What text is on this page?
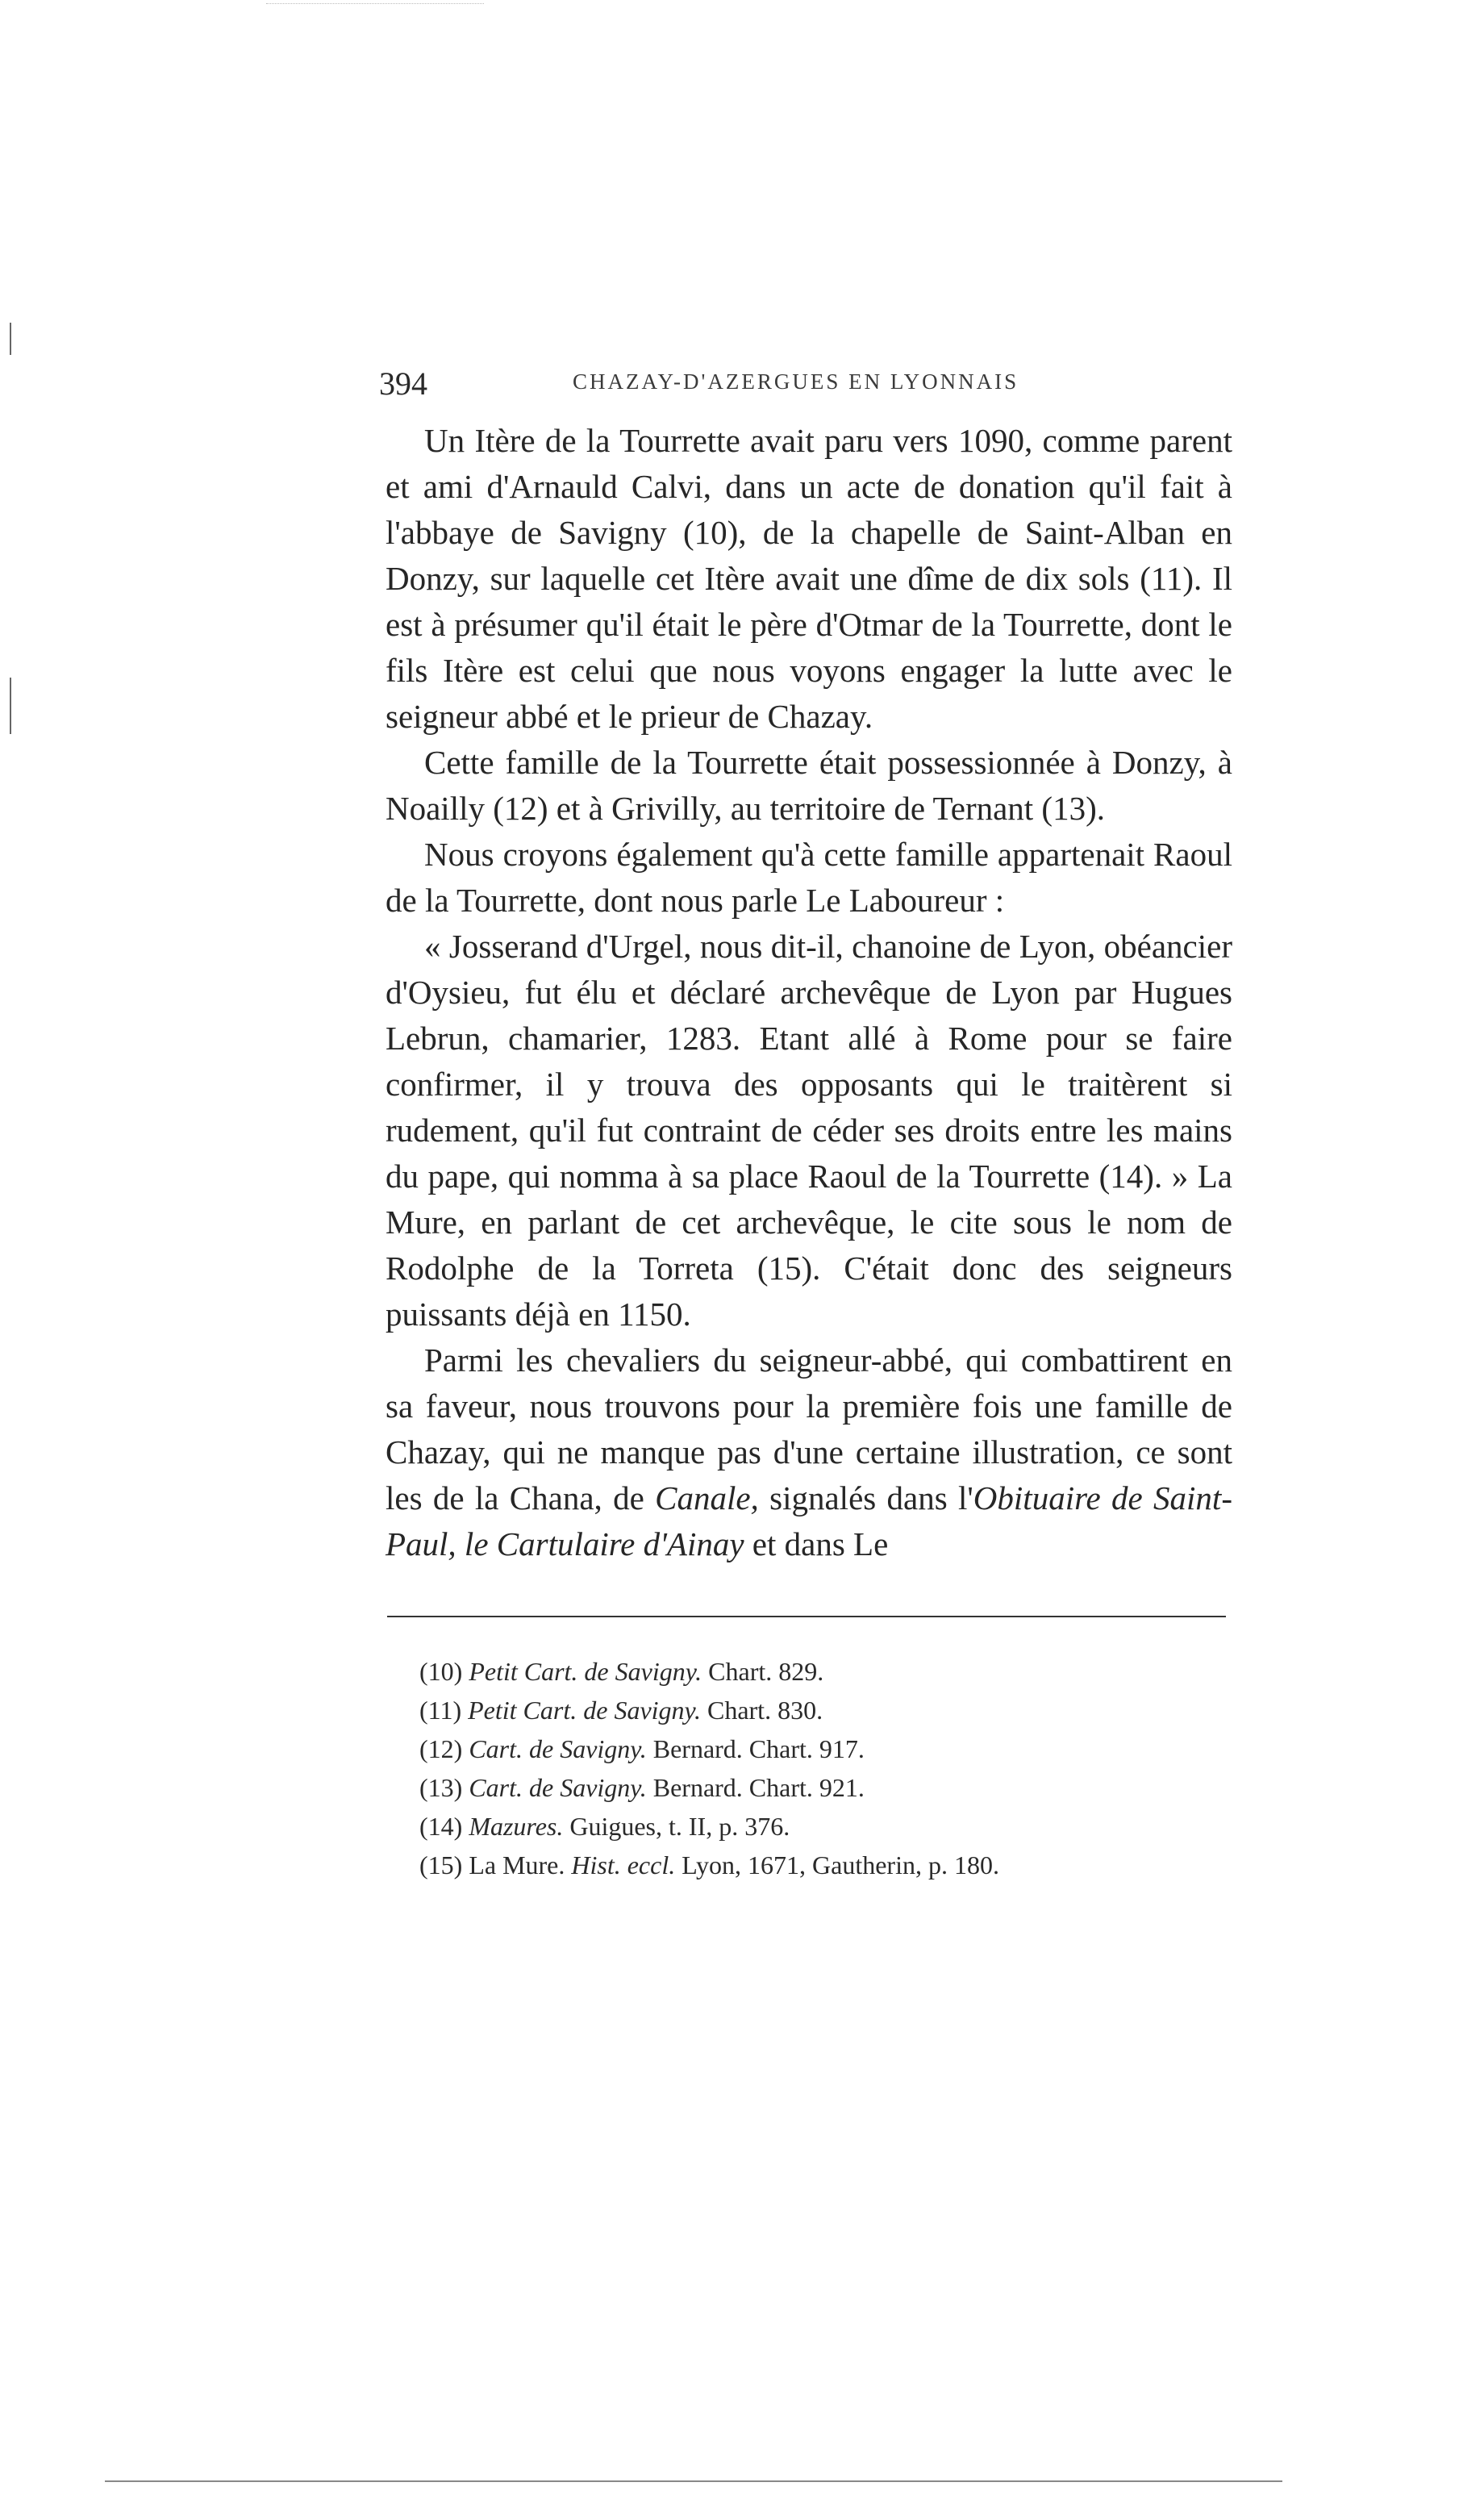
394	CHAZAY-D'AZERGUES EN LYONNAIS

Un Itère de la Tourrette avait paru vers 1090, comme parent et ami d'Arnauld Calvi, dans un acte de donation qu'il fait à l'abbaye de Savigny (10), de la chapelle de Saint-Alban en Donzy, sur laquelle cet Itère avait une dîme de dix sols (11). Il est à présumer qu'il était le père d'Otmar de la Tourrette, dont le fils Itère est celui que nous voyons engager la lutte avec le seigneur abbé et le prieur de Chazay.

Cette famille de la Tourrette était possessionnée à Donzy, à Noailly (12) et à Grivilly, au territoire de Ternant (13).

Nous croyons également qu'à cette famille appartenait Raoul de la Tourrette, dont nous parle Le Laboureur :

« Josserand d'Urgel, nous dit-il, chanoine de Lyon, obéancier d'Oysieu, fut élu et déclaré archevêque de Lyon par Hugues Lebrun, chamarier, 1283. Etant allé à Rome pour se faire confirmer, il y trouva des opposants qui le traitèrent si rudement, qu'il fut contraint de céder ses droits entre les mains du pape, qui nomma à sa place Raoul de la Tourrette (14). » La Mure, en parlant de cet archevêque, le cite sous le nom de Rodolphe de la Torreta (15). C'était donc des seigneurs puissants déjà en 1150.

Parmi les chevaliers du seigneur-abbé, qui combattirent en sa faveur, nous trouvons pour la première fois une famille de Chazay, qui ne manque pas d'une certaine illustration, ce sont les de la Chana, de Canale, signalés dans l'Obituaire de Saint-Paul, le Cartulaire d'Ainay et dans Le

(10) Petit Cart. de Savigny. Chart. 829.
(11) Petit Cart. de Savigny. Chart. 830.
(12) Cart. de Savigny. Bernard. Chart. 917.
(13) Cart. de Savigny. Bernard. Chart. 921.
(14) Mazures. Guigues, t. II, p. 376.
(15) La Mure. Hist. eccl. Lyon, 1671, Gautherin, p. 180.
